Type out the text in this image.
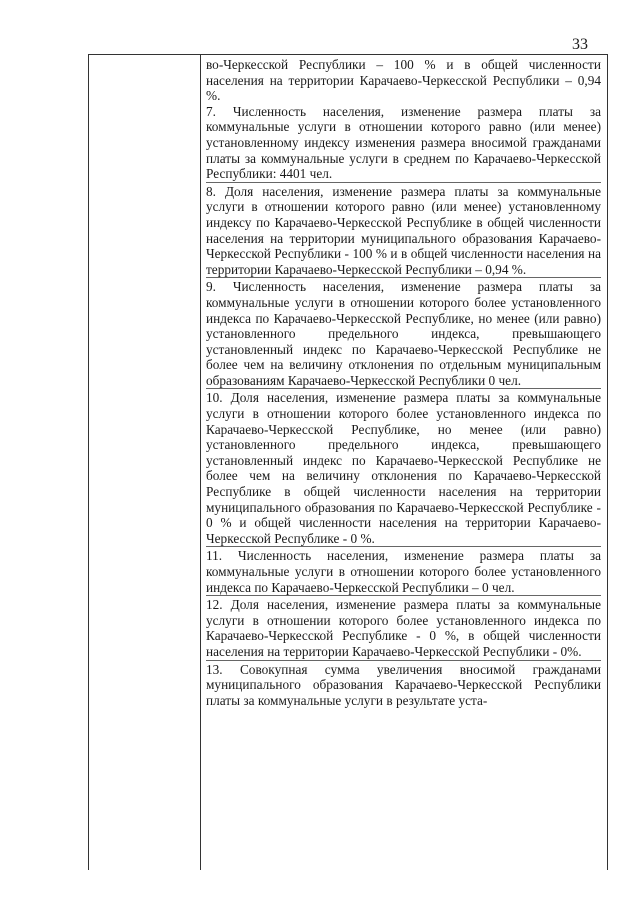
33
во-Черкесской Республики – 100 % и в общей численности населения на территории Карачаево-Черкесской Республики – 0,94 %.
7. Численность населения, изменение размера платы за коммунальные услуги в отношении которого равно (или менее) установленному индексу изменения размера вносимой гражданами платы за коммунальные услуги в среднем по Карачаево-Черкесской Республики: 4401 чел.
8. Доля населения, изменение размера платы за коммунальные услуги в отношении которого равно (или менее) установленному индексу по Карачаево-Черкесской Республике в общей численности населения на территории муниципального образования Карачаево-Черкесской Республики - 100 % и в общей численности населения на территории Карачаево-Черкесской Республики – 0,94 %.
9. Численность населения, изменение размера платы за коммунальные услуги в отношении которого более установленного индекса по Карачаево-Черкесской Республике, но менее (или равно) установленного предельного индекса, превышающего установленный индекс по Карачаево-Черкесской Республике не более чем на величину отклонения по отдельным муниципальным образованиям Карачаево-Черкесской Республики 0 чел.
10. Доля населения, изменение размера платы за коммунальные услуги в отношении которого более установленного индекса по Карачаево-Черкесской Республике, но менее (или равно) установленного предельного индекса, превышающего установленный индекс по Карачаево-Черкесской Республике не более чем на величину отклонения по Карачаево-Черкесской Республике в общей численности населения на территории муниципального образования по Карачаево-Черкесской Республике - 0 % и общей численности населения на территории Карачаево-Черкесской Республике - 0 %.
11. Численность населения, изменение размера платы за коммунальные услуги в отношении которого более установленного индекса по Карачаево-Черкесской Республики – 0 чел.
12. Доля населения, изменение размера платы за коммунальные услуги в отношении которого более установленного индекса по Карачаево-Черкесской Республике - 0 %, в общей численности населения на территории Карачаево-Черкесской Республики - 0%.
13. Совокупная сумма увеличения вносимой гражданами муниципального образования Карачаево-Черкесской Республики платы за коммунальные услуги в результате уста-
